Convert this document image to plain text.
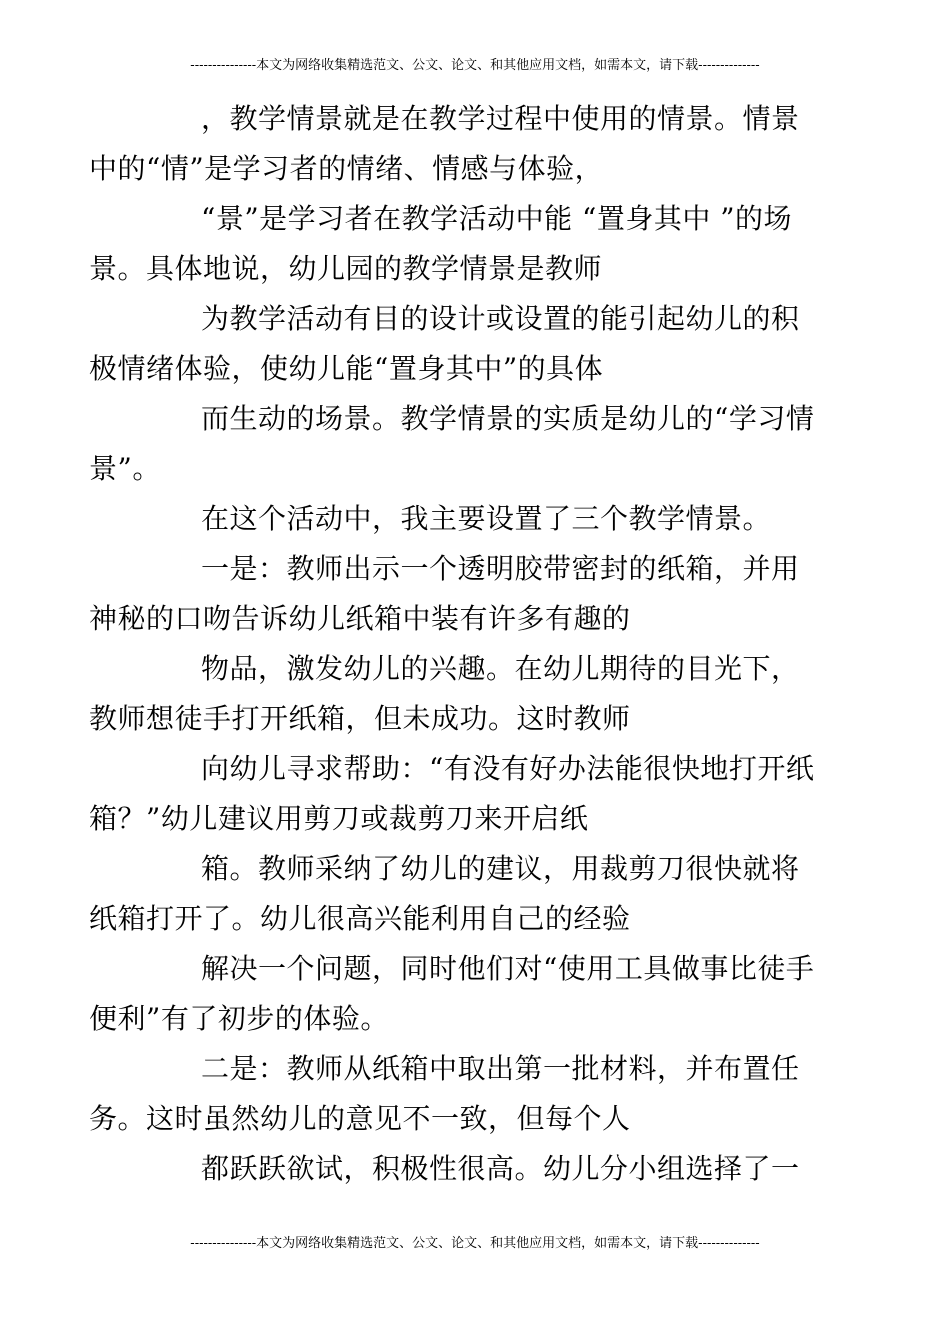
---------------本文为网络收集精选范文、公文、论文、和其他应用文档，如需本文，请下载--------------

，教学情景就是在教学过程中使用的情景。情景
中的“情”是学习者的情绪、情感与体验，

“景”是学习者在教学活动中能 “置身其中 ”的场
景。具体地说，幼儿园的教学情景是教师

为教学活动有目的设计或设置的能引起幼儿的积
极情绪体验，使幼儿能“置身其中”的具体

而生动的场景。教学情景的实质是幼儿的“学习情
景”。

在这个活动中，我主要设置了三个教学情景。

一是：教师出示一个透明胶带密封的纸箱，并用
神秘的口吻告诉幼儿纸箱中装有许多有趣的

物品，激发幼儿的兴趣。在幼儿期待的目光下，
教师想徒手打开纸箱，但未成功。这时教师

向幼儿寻求帮助：“有没有好办法能很快地打开纸
箱？”幼儿建议用剪刀或裁剪刀来开启纸

箱。教师采纳了幼儿的建议，用裁剪刀很快就将
纸箱打开了。幼儿很高兴能利用自己的经验

解决一个问题，同时他们对“使用工具做事比徒手
便利”有了初步的体验。

二是：教师从纸箱中取出第一批材料，并布置任
务。这时虽然幼儿的意见不一致，但每个人

都跃跃欲试，积极性很高。幼儿分小组选择了一

---------------本文为网络收集精选范文、公文、论文、和其他应用文档，如需本文，请下载--------------
